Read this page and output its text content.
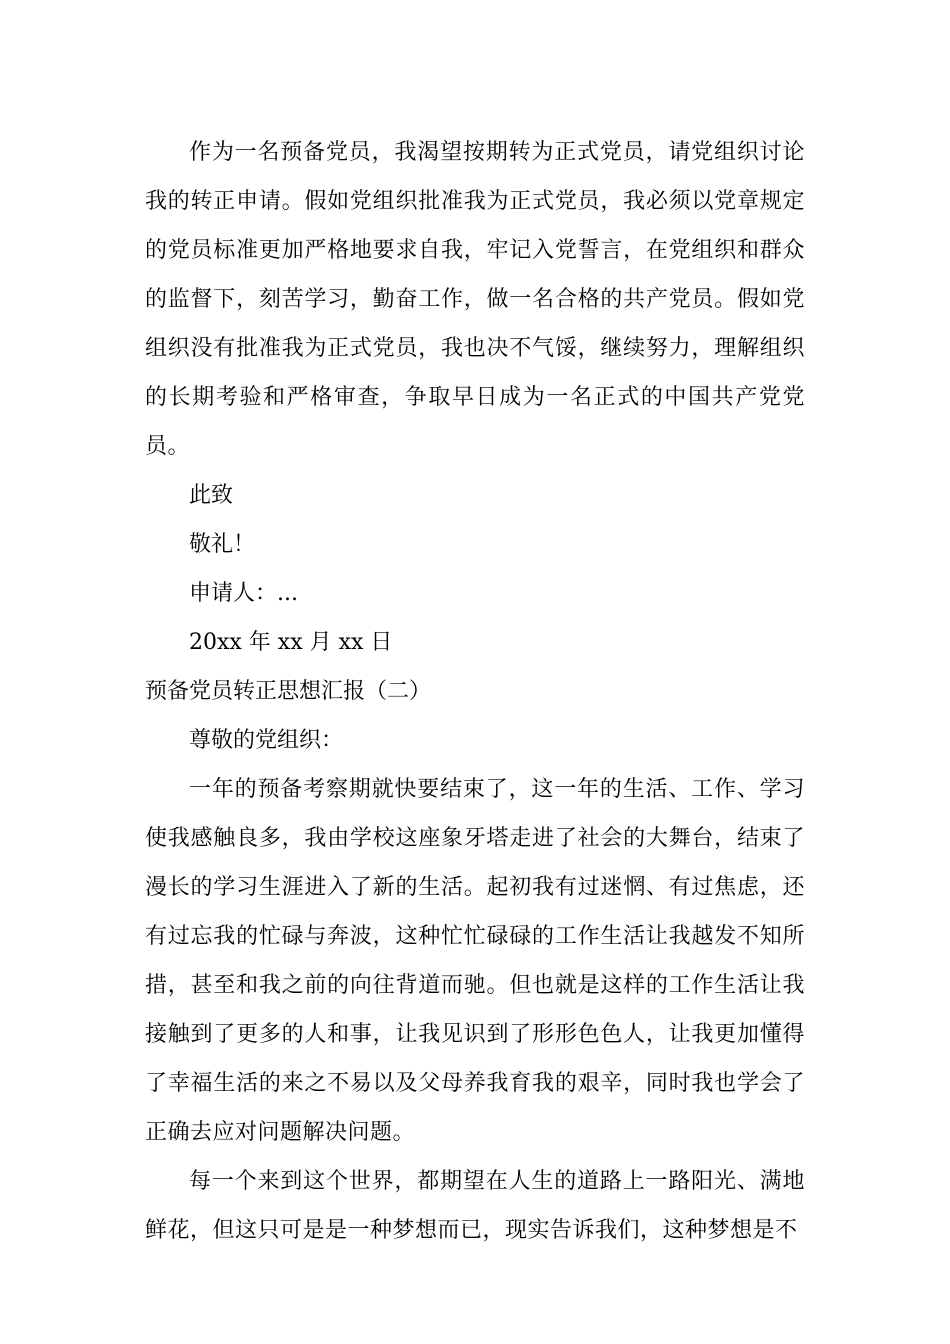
作为一名预备党员，我渴望按期转为正式党员，请党组织讨论我的转正申请。假如党组织批准我为正式党员，我必须以党章规定的党员标准更加严格地要求自我，牢记入党誓言，在党组织和群众的监督下，刻苦学习，勤奋工作，做一名合格的共产党员。假如党组织没有批准我为正式党员，我也决不气馁，继续努力，理解组织的长期考验和严格审查，争取早日成为一名正式的中国共产党党员。

此致

敬礼！

申请人：...

20xx 年 xx 月 xx 日

预备党员转正思想汇报（二）

尊敬的党组织：

一年的预备考察期就快要结束了，这一年的生活、工作、学习使我感触良多，我由学校这座象牙塔走进了社会的大舞台，结束了漫长的学习生涯进入了新的生活。起初我有过迷惘、有过焦虑，还有过忘我的忙碌与奔波，这种忙忙碌碌的工作生活让我越发不知所措，甚至和我之前的向往背道而驰。但也就是这样的工作生活让我接触到了更多的人和事，让我见识到了形形色色人，让我更加懂得了幸福生活的来之不易以及父母养我育我的艰辛，同时我也学会了正确去应对问题解决问题。

每一个来到这个世界，都期望在人生的道路上一路阳光、满地鲜花，但这只可是是一种梦想而已，现实告诉我们，这种梦想是不
